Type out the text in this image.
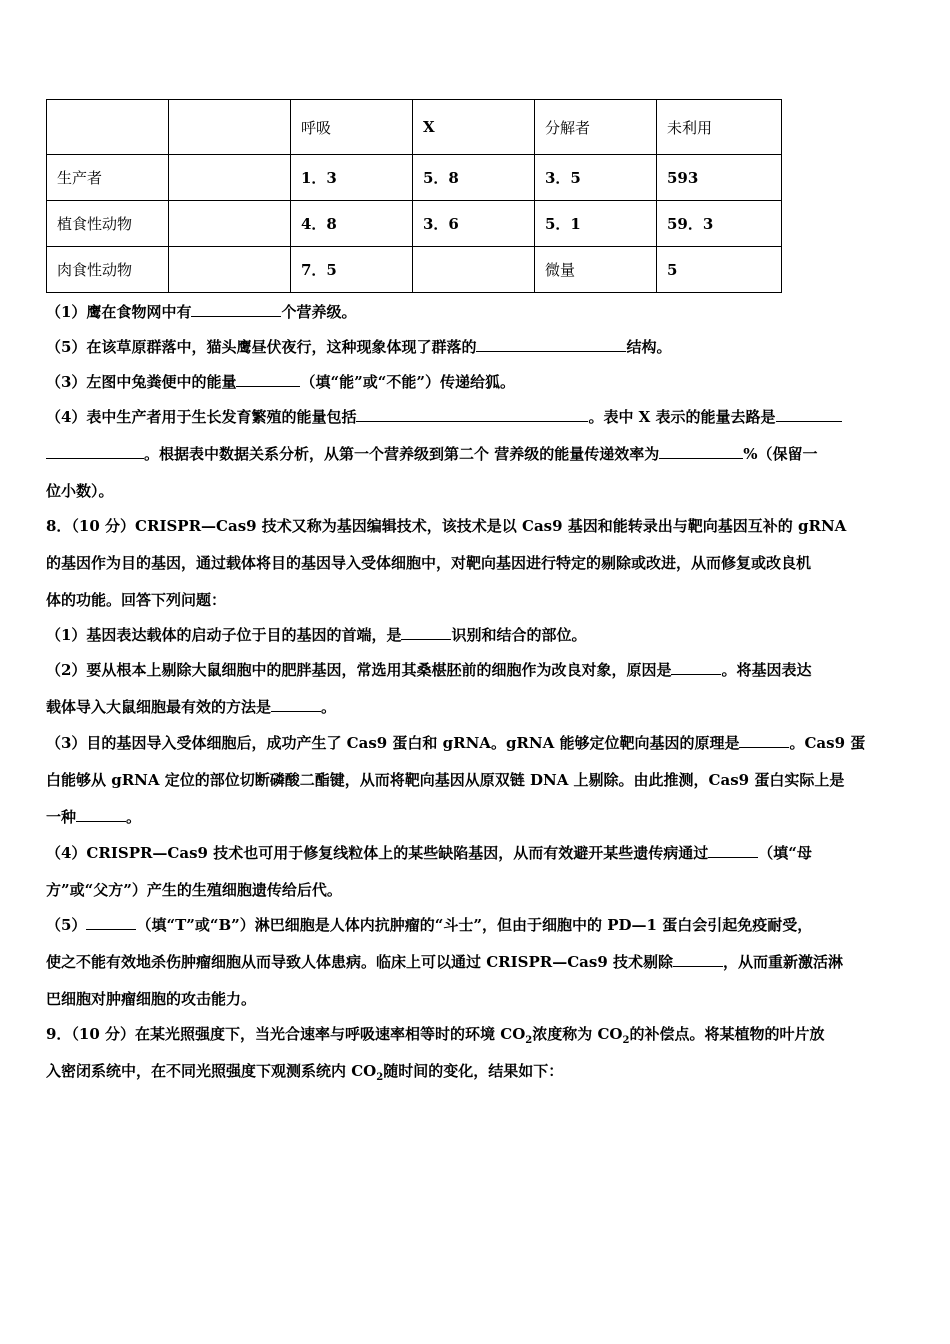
		呼吸	X	分解者	未利用
生产者		1．3	5．8	3．5	593
植食性动物		4．8	3．6	5．1	59．3
肉食性动物		7．5		微量	5
（1）鹰在食物网中有	个营养级。
（5）在该草原群落中，猫头鹰昼伏夜行，这种现象体现了群落的	结构。
（3）左图中兔粪便中的能量	（填“能”或“不能”）传递给狐。
（4）表中生产者用于生长发育繁殖的能量包括	。表中 X 表示的能量去路是
。根据表中数据关系分析，从第一个营养级到第二个 营养级的能量传递效率为	%（保留一
位小数）。
8．（10 分）CRISPR—Cas9 技术又称为基因编辑技术，该技术是以 Cas9 基因和能转录出与靶向基因互补的 gRNA
的基因作为目的基因，通过载体将目的基因导入受体细胞中，对靶向基因进行特定的剔除或改进，从而修复或改良机
体的功能。回答下列问题：
（1）基因表达载体的启动子位于目的基因的首端，是	识别和结合的部位。
（2）要从根本上剔除大鼠细胞中的肥胖基因，常选用其桑椹胚前的细胞作为改良对象，原因是	。将基因表达
载体导入大鼠细胞最有效的方法是	。
（3）目的基因导入受体细胞后，成功产生了 Cas9 蛋白和 gRNA。gRNA 能够定位靶向基因的原理是	。Cas9 蛋
白能够从 gRNA 定位的部位切断磷酸二酯键，从而将靶向基因从原双链 DNA 上剔除。由此推测，Cas9 蛋白实际上是
一种	。
（4）CRISPR—Cas9 技术也可用于修复线粒体上的某些缺陷基因，从而有效避开某些遗传病通过	（填“母
方”或“父方”）产生的生殖细胞遗传给后代。
（5）	（填“T”或“B”）淋巴细胞是人体内抗肿瘤的“斗士”，但由于细胞中的 PD—1 蛋白会引起免疫耐受，
使之不能有效地杀伤肿瘤细胞从而导致人体患病。临床上可以通过 CRISPR—Cas9 技术剔除	，从而重新激活淋
巴细胞对肿瘤细胞的攻击能力。
9．（10 分）在某光照强度下，当光合速率与呼吸速率相等时的环境 $CO_2$浓度称为 $CO_2$的补偿点。将某植物的叶片放
入密闭系统中，在不同光照强度下观测系统内 $CO_2$随时间的变化，结果如下：
